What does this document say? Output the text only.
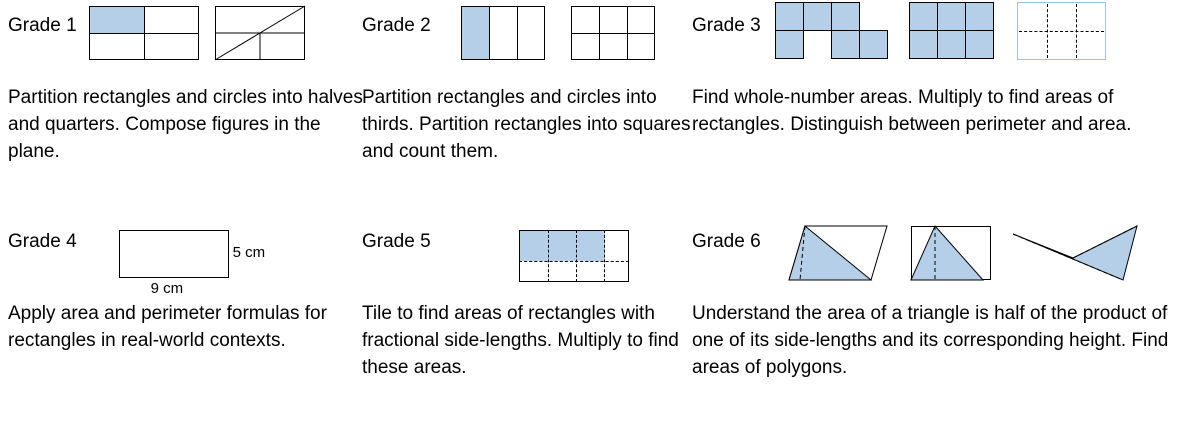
Grade 1

Partition rectangles and circles into halves and quarters. Compose figures in the plane.

Grade 2

Partition rectangles and circles into thirds. Partition rectangles into squares and count them.

Grade 3

Find whole-number areas. Multiply to find areas of rectangles. Distinguish between perimeter and area.

Grade 4
5 cm
9 cm

Apply area and perimeter formulas for rectangles in real-world contexts.

Grade 5

Tile to find areas of rectangles with fractional side-lengths. Multiply to find these areas.

Grade 6

Understand the area of a triangle is half of the product of one of its side-lengths and its corresponding height. Find areas of polygons.
